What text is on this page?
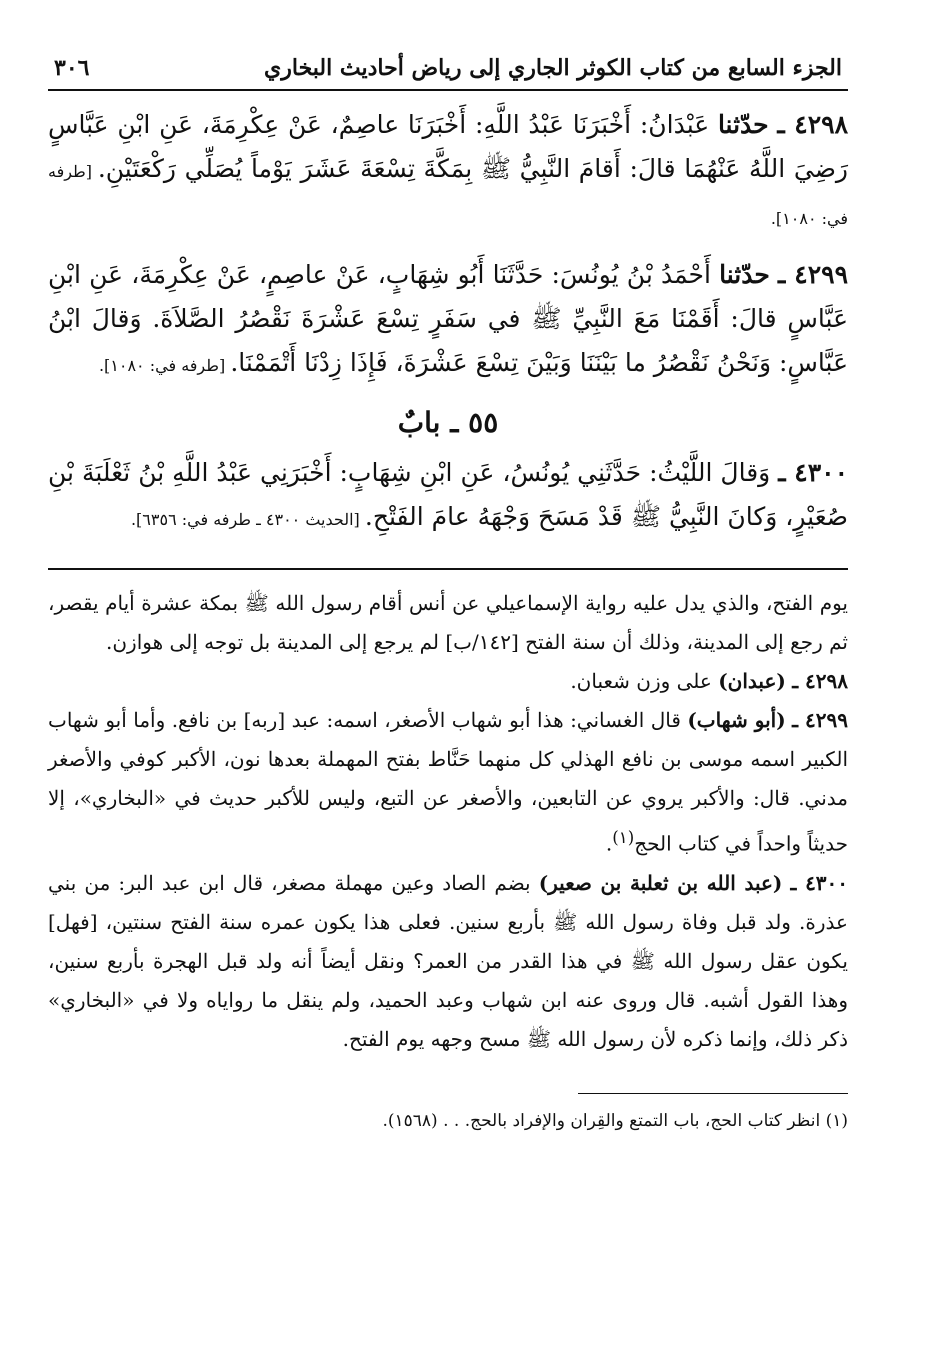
الجزء السابع من كتاب الكوثر الجاري إلى رياض أحاديث البخاري
٣٠٦
٤٢٩٨ ـ حدّثنا عَبْدَانُ: أَخْبَرَنَا عَبْدُ اللَّهِ: أَخْبَرَنَا عاصِمٌ، عَنْ عِكْرِمَةَ، عَنِ ابْنِ عَبَّاسٍ رَضِيَ اللَّهُ عَنْهُمَا قالَ: أَقامَ النَّبِيُّ ﷺ بِمَكَّةَ تِسْعَةَ عَشَرَ يَوْماً يُصَلِّي رَكْعَتَيْنِ. [طرفه في: ١٠٨٠].
٤٢٩٩ ـ حدّثنا أَحْمَدُ بْنُ يُونُسَ: حَدَّثَنَا أَبُو شِهَابٍ، عَنْ عاصِمٍ، عَنْ عِكْرِمَةَ، عَنِ ابْنِ عَبَّاسٍ قالَ: أَقَمْنَا مَعَ النَّبِيِّ ﷺ في سَفَرٍ تِسْعَ عَشْرَةَ نَقْصُرُ الصَّلاَةَ. وَقالَ ابْنُ عَبَّاسٍ: وَنَحْنُ نَقْصُرُ ما بَيْنَنَا وَبَيْنَ تِسْعَ عَشْرَةَ، فَإِذَا زِدْنَا أَتْمَمْنَا. [طرفه في: ١٠٨٠].
٥٥ ـ بابٌ
٤٣٠٠ ـ وَقالَ اللَّيْثُ: حَدَّثَنِي يُونُسُ، عَنِ ابْنِ شِهَابٍ: أَخْبَرَنِي عَبْدُ اللَّهِ بْنُ ثَعْلَبَةَ بْنِ صُعَيْرٍ، وَكانَ النَّبِيُّ ﷺ قَدْ مَسَحَ وَجْهَهُ عامَ الفَتْحِ. [الحديث ٤٣٠٠ ـ طرفه في: ٦٣٥٦].

يوم الفتح، والذي يدل عليه رواية الإسماعيلي عن أنس أقام رسول الله ﷺ بمكة عشرة أيام يقصر، ثم رجع إلى المدينة، وذلك أن سنة الفتح [١٤٢/ب] لم يرجع إلى المدينة بل توجه إلى هوازن.

٤٢٩٨ ـ (عبدان) على وزن شعبان.

٤٢٩٩ ـ (أبو شهاب) قال الغساني: هذا أبو شهاب الأصغر، اسمه: عبد [ربه] بن نافع. وأما أبو شهاب الكبير اسمه موسى بن نافع الهذلي كل منهما حَنَّاط بفتح المهملة بعدها نون، الأكبر كوفي والأصغر مدني. قال: والأكبر يروي عن التابعين، والأصغر عن التبع، وليس للأكبر حديث في «البخاري»، إلا حديثاً واحداً في كتاب الحج$^{(١)}$.

٤٣٠٠ ـ (عبد الله بن ثعلبة بن صعير) بضم الصاد وعين مهملة مصغر، قال ابن عبد البر: من بني عذرة. ولد قبل وفاة رسول الله ﷺ بأربع سنين. فعلى هذا يكون عمره سنة الفتح سنتين، [فهل] يكون عقل رسول الله ﷺ في هذا القدر من العمر؟ ونقل أيضاً أنه ولد قبل الهجرة بأربع سنين، وهذا القول أشبه. قال وروى عنه ابن شهاب وعبد الحميد، ولم ينقل ما رواياه ولا في «البخاري» ذكر ذلك، وإنما ذكره لأن رسول الله ﷺ مسح وجهه يوم الفتح.

(١) انظر كتاب الحج، باب التمتع والقِران والإفراد بالحج. . . (١٥٦٨).
